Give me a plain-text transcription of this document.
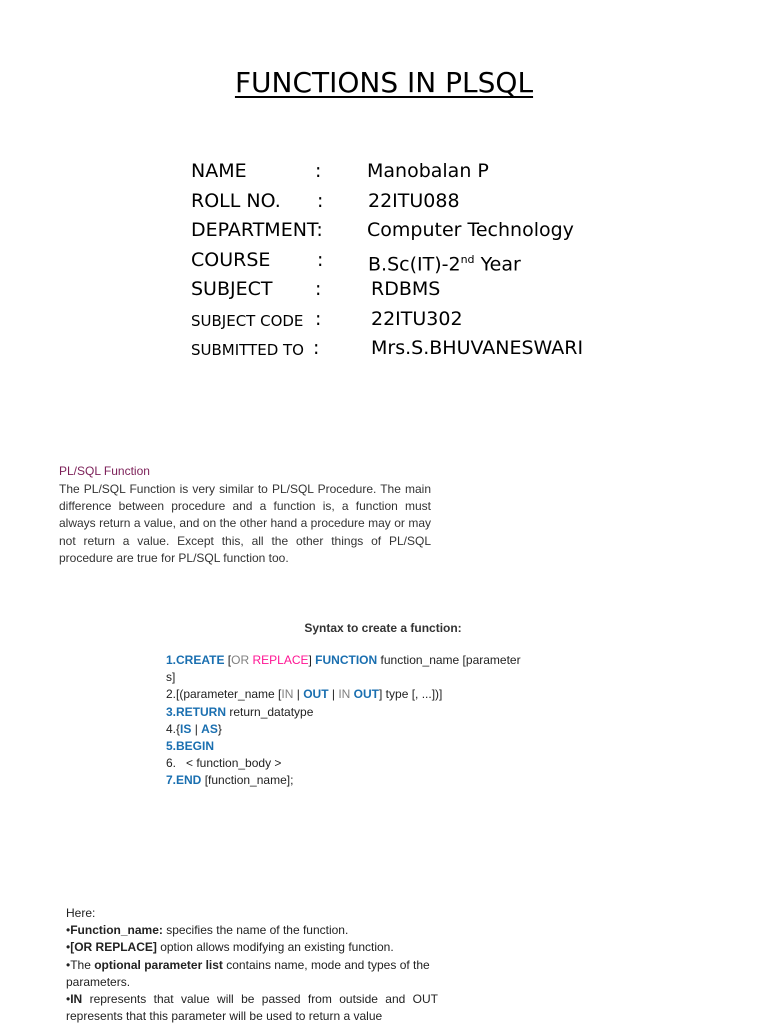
FUNCTIONS IN PLSQL
NAME	: Manobalan P
ROLL NO. : 22ITU088
DEPARTMENT: Computer Technology
COURSE : B.Sc(IT)-2nd Year
SUBJECT :	RDBMS
SUBJECT CODE :	22ITU302
SUBMITTED TO :	Mrs.S.BHUVANESWARI
PL/SQL Function
The PL/SQL Function is very similar to PL/SQL Procedure. The main difference between procedure and a function is, a function must always return a value, and on the other hand a procedure may or may not return a value. Except this, all the other things of PL/SQL procedure are true for PL/SQL function too.
Syntax to create a function:
1.CREATE [OR REPLACE] FUNCTION function_name [parameter
s]
2.[(parameter_name [IN | OUT | IN OUT] type [, ...])]
3.RETURN return_datatype
4.{IS | AS}
5.BEGIN
6.   < function_body >
7.END [function_name];
Here:
•Function_name: specifies the name of the function.
•[OR REPLACE] option allows modifying an existing function.
•The optional parameter list contains name, mode and types of the parameters.
•IN represents that value will be passed from outside and OUT represents that this parameter will be used to return a value
